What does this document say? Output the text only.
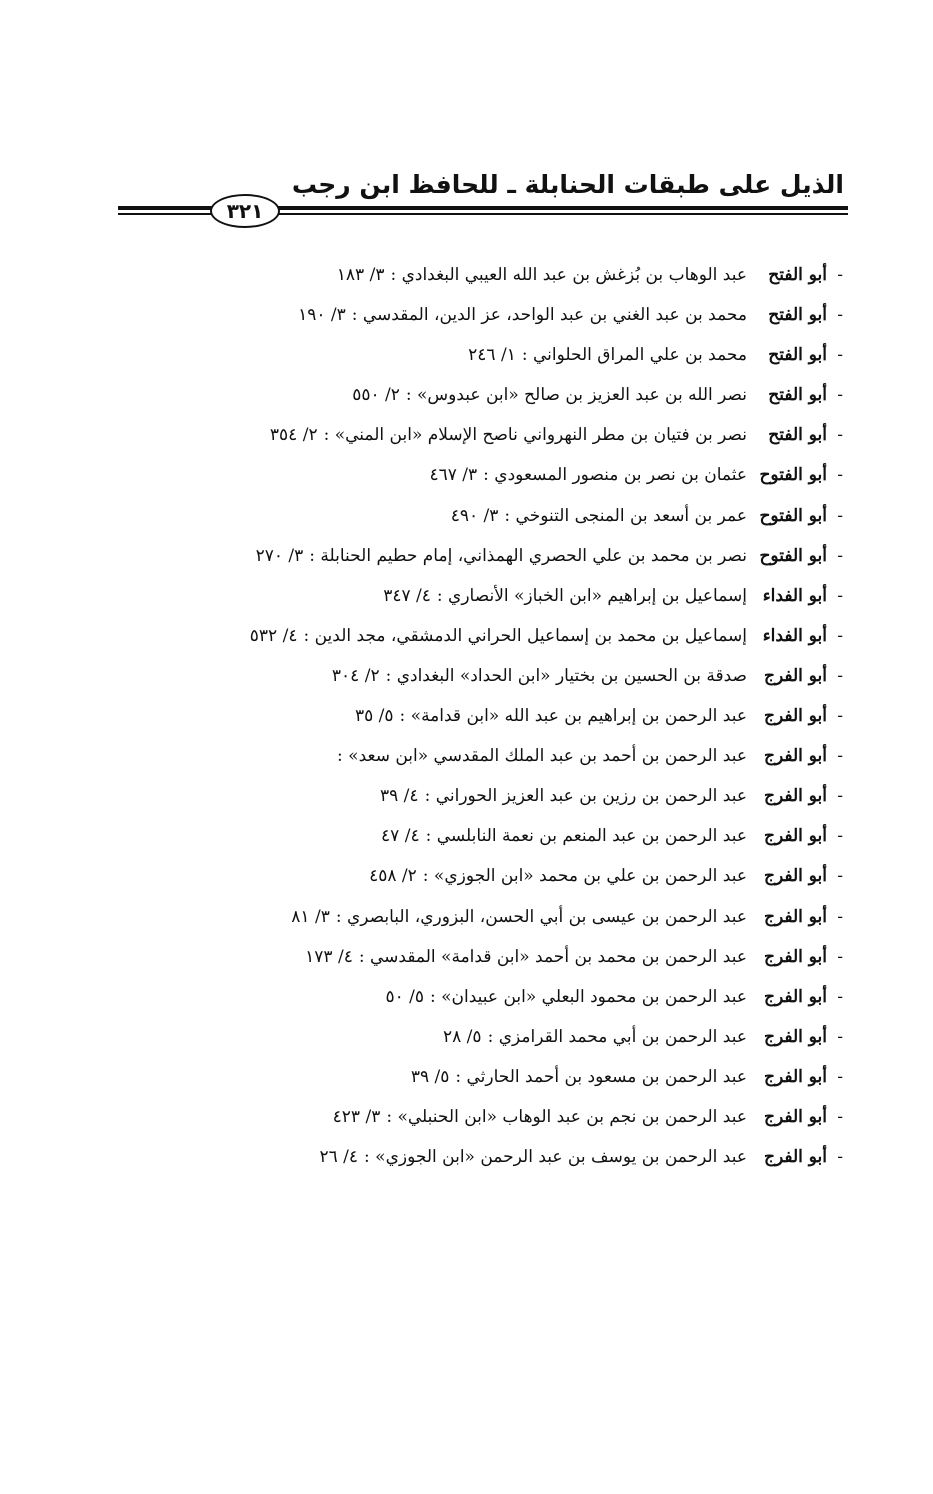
الذيل على طبقات الحنابلة ـ للحافظ ابن رجب
٣٢١
-أبو الفتحعبد الوهاب بن بُزغش بن عبد الله العيبي البغدادي :٣/ ١٨٣
-أبو الفتحمحمد بن عبد الغني بن عبد الواحد، عز الدين، المقدسي :٣/ ١٩٠
-أبو الفتحمحمد بن علي المراق الحلواني :١/ ٢٤٦
-أبو الفتحنصر الله بن عبد العزيز بن صالح «ابن عبدوس» :٢/ ٥٥٠
-أبو الفتحنصر بن فتيان بن مطر النهرواني ناصح الإسلام «ابن المني» :٢/ ٣٥٤
-أبو الفتوحعثمان بن نصر بن منصور المسعودي :٣/ ٤٦٧
-أبو الفتوحعمر بن أسعد بن المنجى التنوخي :٣/ ٤٩٠
-أبو الفتوحنصر بن محمد بن علي الحصري الهمذاني، إمام حطيم الحنابلة :٣/ ٢٧٠
-أبو الفداءإسماعيل بن إبراهيم «ابن الخباز» الأنصاري :٤/ ٣٤٧
-أبو الفداءإسماعيل بن محمد بن إسماعيل الحراني الدمشقي، مجد الدين :٤/ ٥٣٢
-أبو الفرجصدقة بن الحسين بن بختيار «ابن الحداد» البغدادي :٢/ ٣٠٤
-أبو الفرجعبد الرحمن بن إبراهيم بن عبد الله «ابن قدامة» :٥/ ٣٥
-أبو الفرجعبد الرحمن بن أحمد بن عبد الملك المقدسي «ابن سعد» :
-أبو الفرجعبد الرحمن بن رزين بن عبد العزيز الحوراني :٤/ ٣٩
-أبو الفرجعبد الرحمن بن عبد المنعم بن نعمة النابلسي :٤/ ٤٧
-أبو الفرجعبد الرحمن بن علي بن محمد «ابن الجوزي» :٢/ ٤٥٨
-أبو الفرجعبد الرحمن بن عيسى بن أبي الحسن، البزوري، البابصري :٣/ ٨١
-أبو الفرجعبد الرحمن بن محمد بن أحمد «ابن قدامة» المقدسي :٤/ ١٧٣
-أبو الفرجعبد الرحمن بن محمود البعلي «ابن عبيدان» :٥/ ٥٠
-أبو الفرجعبد الرحمن بن أبي محمد القرامزي :٥/ ٢٨
-أبو الفرجعبد الرحمن بن مسعود بن أحمد الحارثي :٥/ ٣٩
-أبو الفرجعبد الرحمن بن نجم بن عبد الوهاب «ابن الحنبلي» :٣/ ٤٢٣
-أبو الفرجعبد الرحمن بن يوسف بن عبد الرحمن «ابن الجوزي» :٤/ ٢٦
